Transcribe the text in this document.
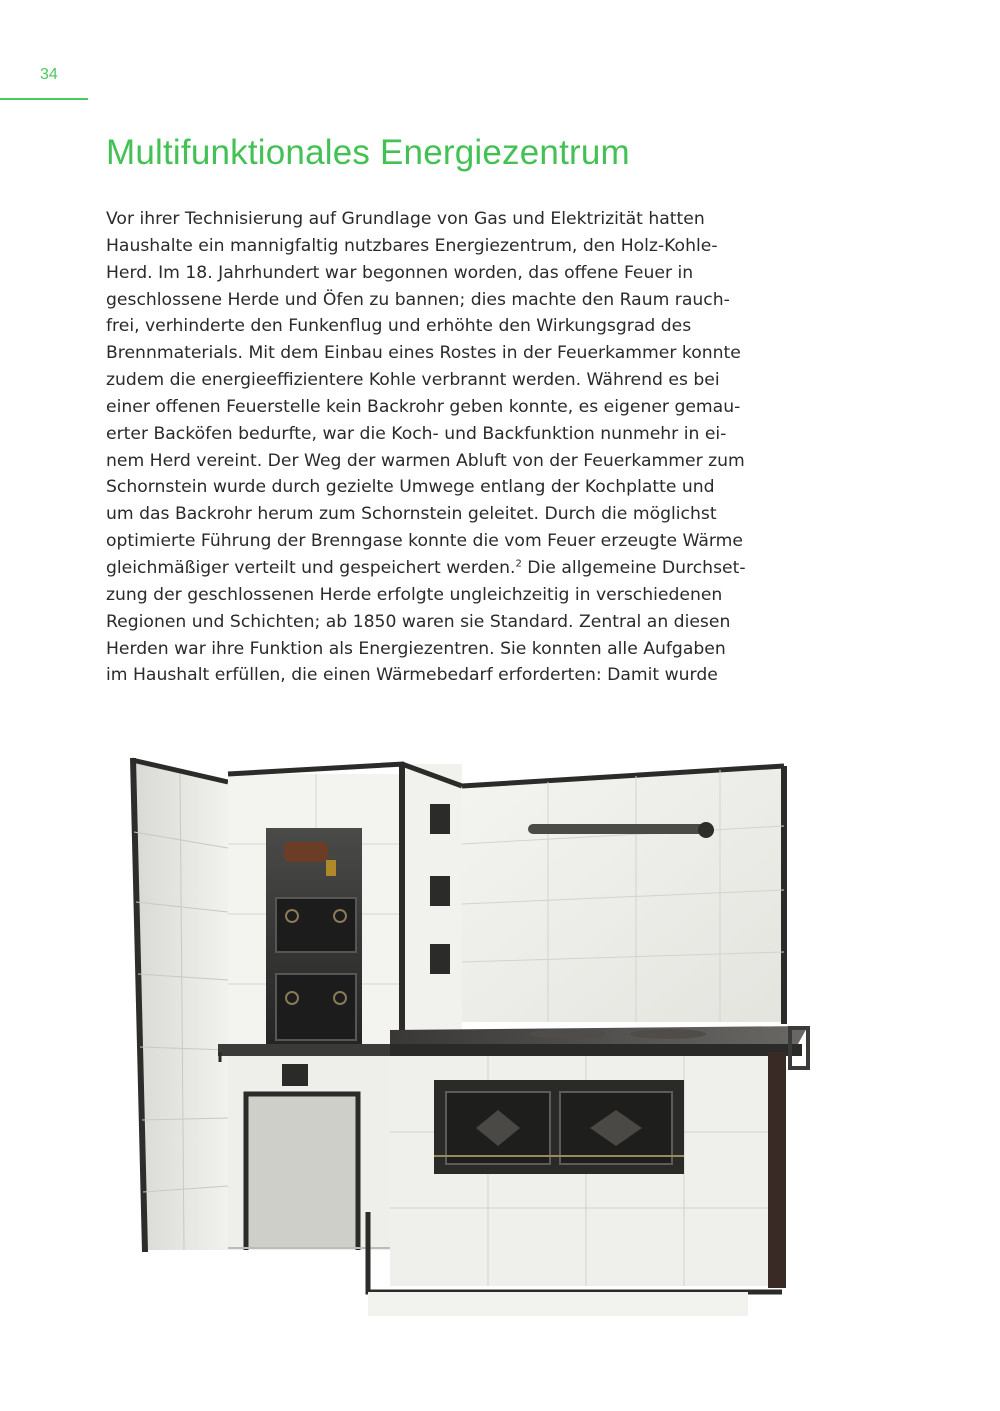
34
Multifunktionales Energiezentrum
Vor ihrer Technisierung auf Grundlage von Gas und Elektrizität hatten
Haushalte ein mannigfaltig nutzbares Energiezentrum, den Holz-Kohle-
Herd. Im 18. Jahrhundert war begonnen worden, das offene Feuer in
geschlossene Herde und Öfen zu bannen; dies machte den Raum rauch-
frei, verhinderte den Funkenflug und erhöhte den Wirkungsgrad des
Brennmaterials. Mit dem Einbau eines Rostes in der Feuerkammer konnte
zudem die energieeffizientere Kohle verbrannt werden. Während es bei
einer offenen Feuerstelle kein Backrohr geben konnte, es eigener gemau-
erter Backöfen bedurfte, war die Koch- und Backfunktion nunmehr in ei-
nem Herd vereint. Der Weg der warmen Abluft von der Feuerkammer zum
Schornstein wurde durch gezielte Umwege entlang der Kochplatte und
um das Backrohr herum zum Schornstein geleitet. Durch die möglichst
optimierte Führung der Brenngase konnte die vom Feuer erzeugte Wärme
gleichmäßiger verteilt und gespeichert werden.$^2$ Die allgemeine Durchset-
zung der geschlossenen Herde erfolgte ungleichzeitig in verschiedenen
Regionen und Schichten; ab 1850 waren sie Standard. Zentral an diesen
Herden war ihre Funktion als Energiezentren. Sie konnten alle Aufgaben
im Haushalt erfüllen, die einen Wärmebedarf erforderten: Damit wurde
